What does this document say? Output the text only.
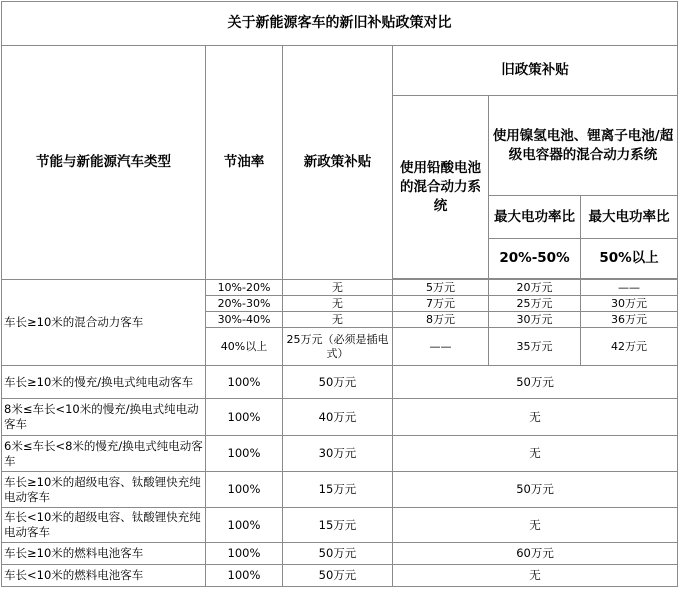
关于新能源客车的新旧补贴政策对比					
节能与新能源汽车类型	节油率	新政策补贴	旧政策补贴		
			使用铅酸电池的混合动力系统	使用镍氢电池、锂离子电池/超级电容器的混合动力系统	
				最大电功率比	最大电功率比
				20%-50%	50%以上

车长≥10米的混合动力客车	10%-20%	无	5万元	20万元	——
	20%-30%	无	7万元	25万元	30万元
	30%-40%	无	8万元	30万元	36万元
	40%以上	25万元（必须是插电式）	——	35万元	42万元
车长≥10米的慢充/换电式纯电动客车	100%	50万元	50万元		
8米≤车长<10米的慢充/换电式纯电动客车	100%	40万元	无		
6米≤车长<8米的慢充/换电式纯电动客车	100%	30万元	无		
车长≥10米的超级电容、钛酸锂快充纯电动客车	100%	15万元	50万元		
车长<10米的超级电容、钛酸锂快充纯电动客车	100%	15万元	无		
车长≥10米的燃料电池客车	100%	50万元	60万元		
车长<10米的燃料电池客车	100%	50万元	无		
